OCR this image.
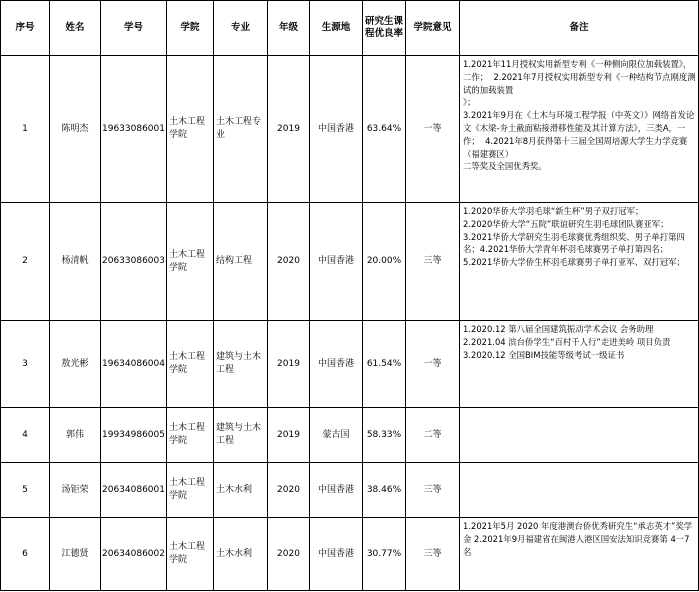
序号	姓名	学号	学院	专业	年级	生源地	研究生课程优良率	学院意见	备注
1	陈明杰	19633086001	土木工程学院	土木工程专业	2019	中国香港	63.64%	一等	1.2021年11月授权实用新型专利《一种侧向限位加载装置》，二作；  2.2021年7月授权实用新型专利《一种结构节点刚度测试的加载装置
》；
3.2021年9月在《土木与环境工程学报（中英文）》网络首发论文《木梁-夯土截面粘接滑移性能及其计算方法》，三类A，一作；  4.2021年8月获得第十三届全国周培源大学生力学竞赛（福建赛区）
二等奖及全国优秀奖。

2	杨清帆	20633086003	土木工程学院	结构工程	2020	中国香港	20.00%	三等	1.2020华侨大学羽毛球“新生杯”男子双打冠军；
2.2020华侨大学“五院”联谊研究生羽毛球团队赛亚军；
3.2021华侨大学研究生羽毛球赛优秀组织奖、男子单打第四名；4.2021华侨大学青年杯羽毛球赛男子单打第四名；
5.2021华侨大学侨生杯羽毛球赛男子单打亚军、双打冠军；

3	敖光彬	19634086004	土木工程学院	建筑与土木工程	2019	中国香港	61.54%	一等	1.2020.12 第八届全国建筑振动学术会议 会务助理
2.2021.04 滨台侨学生“百村千人行”走进美岭 项目负责 3.2020.12 全国BIM技能等级考试一级证书

4	郭伟	19934986005	土木工程学院	建筑与土木工程	2019	蒙古国	58.33%	二等	
5	汤钜荣	20634086001	土木工程学院	土木水利	2020	中国香港	38.46%	三等	
6	江德贤	20634086002	土木工程学院	土木水利	2020	中国香港	30.77%	三等	1.2021年5月 2020 年度港澳台侨优秀研究生“承志英才”奖学金 2.2021年9月福建省在闽港人港区国安法知识竞赛第 4一7 名
